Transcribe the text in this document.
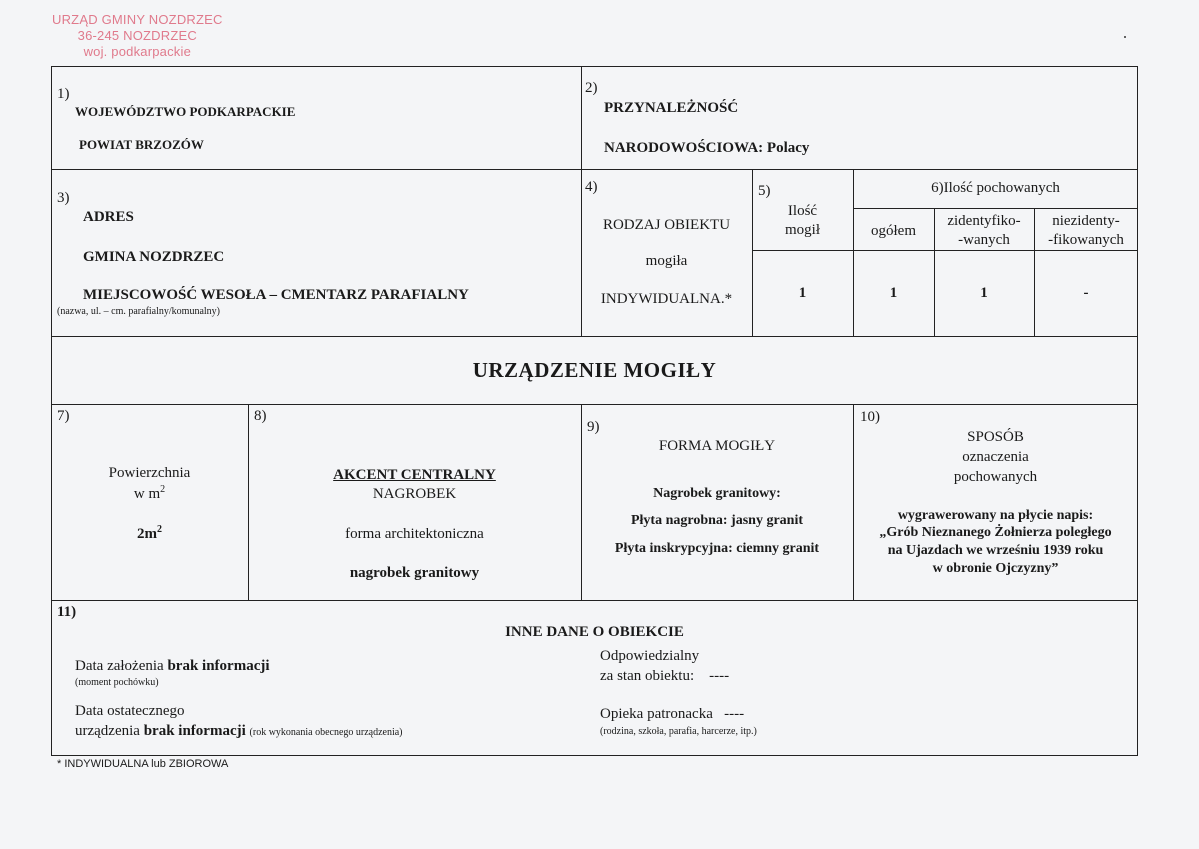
URZĄD GMINY NOZDRZEC
36-245 NOZDRZEC
woj. podkarpackie
1)
WOJEWÓDZTWO PODKARPACKIE
POWIAT BRZOZÓW
2)
PRZYNALEŻNOŚĆ
NARODOWOŚCIOWA: Polacy
3)
ADRES
GMINA NOZDRZEC
MIEJSCOWOŚĆ WESOŁA – CMENTARZ PARAFIALNY
(nazwa, ul. – cm. parafialny/komunalny)
4)
RODZAJ OBIEKTU
mogiła
INDYWIDUALNA.*
5)
Ilość
mogił
1
6)Ilość pochowanych
ogółem
zidentyfiko-
-wanych
niezidenty-
-fikowanych
1	1	-
URZĄDZENIE MOGIŁY
7)
Powierzchnia
w $m^2$
$2m^2$
8)
AKCENT CENTRALNY
NAGROBEK
forma architektoniczna
nagrobek granitowy
9)
FORMA MOGIŁY
Nagrobek granitowy:
Płyta nagrobna: jasny granit
Płyta inskrypcyjna: ciemny granit
10)
SPOSÓB
oznaczenia
pochowanych
wygrawerowany na płycie napis:
„Grób Nieznanego Żołnierza poległego
na Ujazdach we wrześniu 1939 roku
w obronie Ojczyzny”
11)
INNE DANE O OBIEKCIE
Data założenia brak informacji
(moment pochówku)
Data ostatecznego
urządzenia brak informacji (rok wykonania obecnego urządzenia)
Odpowiedzialny
za stan obiektu: ----
Opieka patronacka ----
(rodzina, szkoła, parafia, harcerze, itp.)
* INDYWIDUALNA lub ZBIOROWA
